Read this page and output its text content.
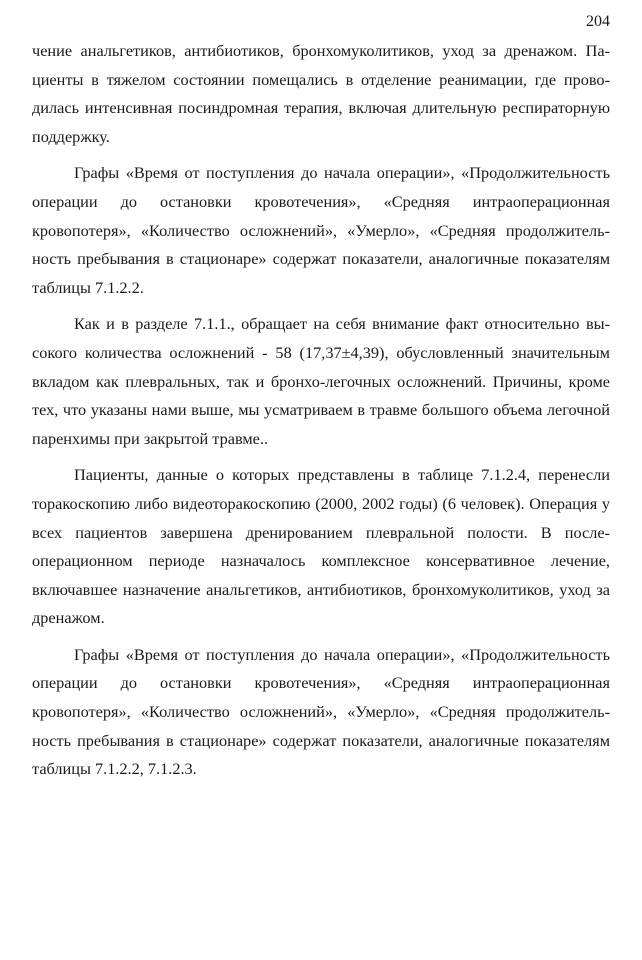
204

чение анальгетиков, антибиотиков, бронхомуколитиков, уход за дренажом. Пациенты в тяжелом состоянии помещались в отделение реанимации, где проводилась интенсивная посиндромная терапия, включая длительную респираторную поддержку.

Графы «Время от поступления до начала операции», «Продолжительность операции до остановки кровотечения», «Средняя интраоперационная кровопотеря», «Количество осложнений», «Умерло», «Средняя продолжительность пребывания в стационаре» содержат показатели, аналогичные показателям таблицы 7.1.2.2.

Как и в разделе 7.1.1., обращает на себя внимание факт относительно высокого количества осложнений - 58 (17,37±4,39), обусловленный значительным вкладом как плевральных, так и бронхо-легочных осложнений. Причины, кроме тех, что указаны нами выше, мы усматриваем в травме большого объема легочной паренхимы при закрытой травме..

Пациенты, данные о которых представлены в таблице 7.1.2.4, перенесли торакоскопию либо видеоторакоскопию (2000, 2002 годы) (6 человек). Операция у всех пациентов завершена дренированием плевральной полости. В послеоперационном периоде назначалось комплексное консервативное лечение, включавшее назначение анальгетиков, антибиотиков, бронхомуколитиков, уход за дренажом.

Графы «Время от поступления до начала операции», «Продолжительность операции до остановки кровотечения», «Средняя интраоперационная кровопотеря», «Количество осложнений», «Умерло», «Средняя продолжительность пребывания в стационаре» содержат показатели, аналогичные показателям таблицы 7.1.2.2, 7.1.2.3.
